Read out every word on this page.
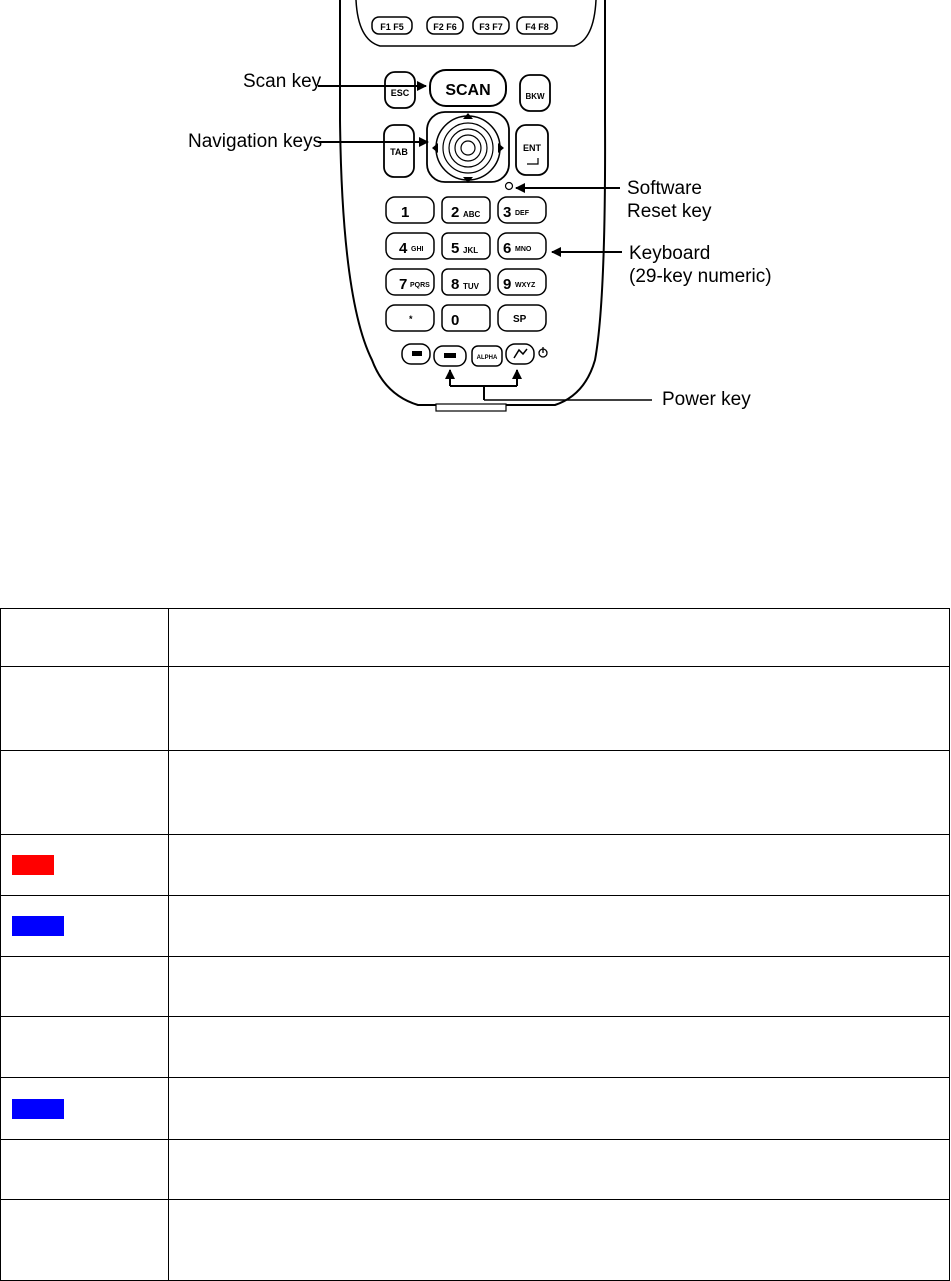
F1 F5	F2 F6 F3 F7 F4 F8
SCAN
ESC	BKW
TAB	ENT
1	2 ABC 3 DEF
4 GHI 5 JKL 6 MNO
7 PQRS 8 TUV 9 WXYZ
*	0	SP
ALPHA
Scan key
Navigation keys
Software
Reset key
Keyboard
(29-key numeric)
Power key
